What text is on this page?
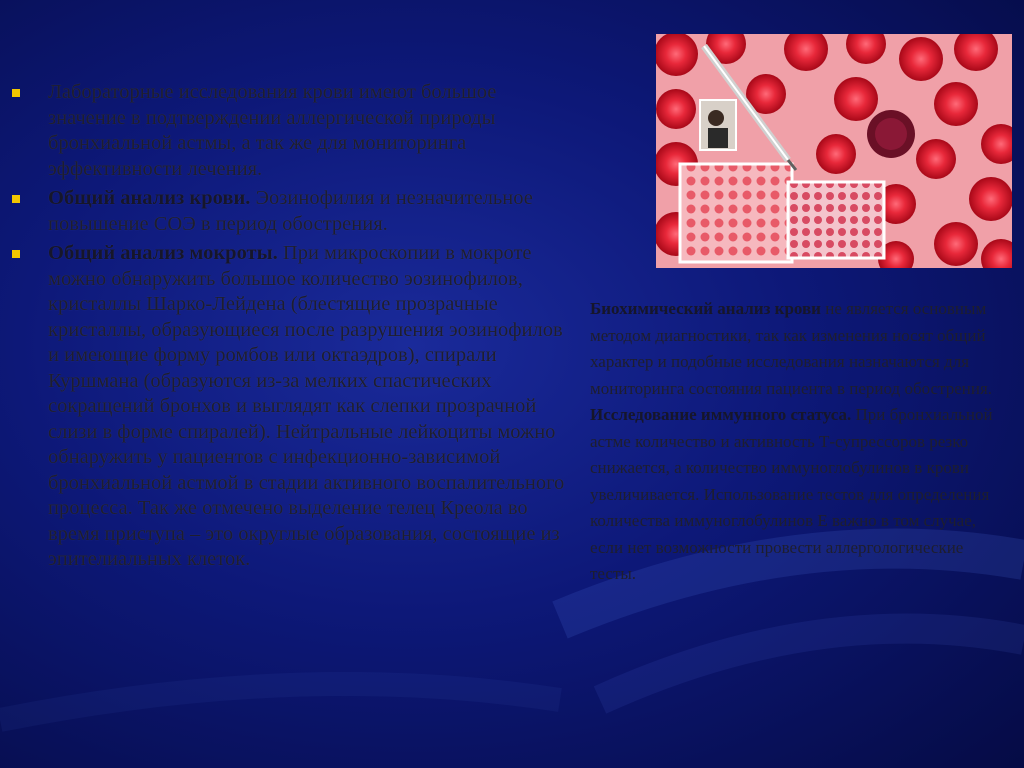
Лабораторные исследования крови имеют большое значение в подтверждении аллергической природы бронхиальной астмы, а так же для мониторинга эффективности лечения.
Общий анализ крови. Эозинофилия и незначительное повышение СОЭ в период обострения.
Общий анализ мокроты. При микроскопии в мокроте можно обнаружить большое количество эозинофилов, кристаллы Шарко-Лейдена (блестящие прозрачные кристаллы, образующиеся после разрушения эозинофилов и имеющие форму ромбов или октаэдров), спирали Куршмана (образуются из-за мелких спастических сокращений бронхов и выглядят как слепки прозрачной слизи в форме спиралей). Нейтральные лейкоциты можно обнаружить у пациентов с инфекционно-зависимой бронхиальной астмой в стадии активного воспалительного процесса. Так же отмечено выделение телец Креола во время приступа – это округлые образования, состоящие из эпителиальных клеток.

Биохимический анализ крови не является основным методом диагностики, так как изменения носят общий характер и подобные исследования назначаются для мониторинга состояния пациента в период обострения.

Исследование иммунного статуса. При бронхиальной астме количество и активность Т-супрессоров резко снижается, а количество иммуноглобулинов в крови увеличивается. Использование тестов для определения количества иммуноглобулинов Е важно в том случае, если нет возможности провести аллергологические тесты.
